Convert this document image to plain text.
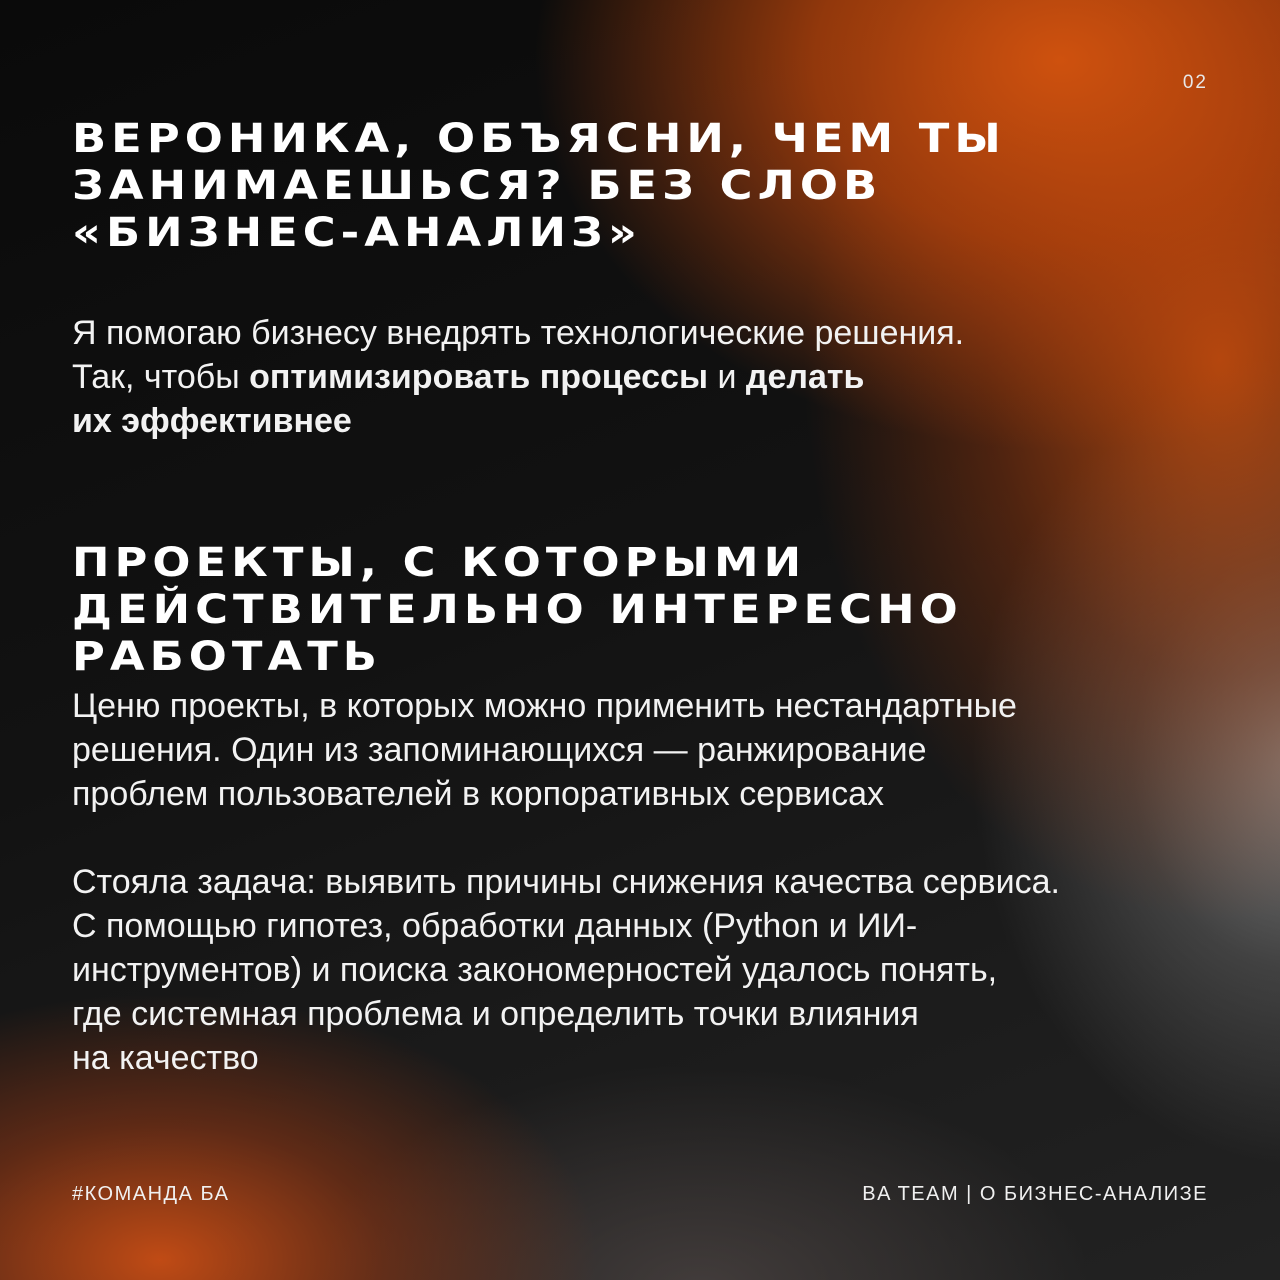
02
ВЕРОНИКА, ОБЪЯСНИ, ЧЕМ ТЫ ЗАНИМАЕШЬСЯ? БЕЗ СЛОВ «БИЗНЕС-АНАЛИЗ»

Я помогаю бизнесу внедрять технологические решения.
Так, чтобы оптимизировать процессы и делать
их эффективнее

ПРОЕКТЫ, С КОТОРЫМИ ДЕЙСТВИТЕЛЬНО ИНТЕРЕСНО РАБОТАТЬ

Ценю проекты, в которых можно применить нестандартные
решения. Один из запоминающихся — ранжирование
проблем пользователей в корпоративных сервисах

Стояла задача: выявить причины снижения качества сервиса.
С помощью гипотез, обработки данных (Python и ИИ-
инструментов) и поиска закономерностей удалось понять,
где системная проблема и определить точки влияния
на качество

#КОМАНДА БА	BA TEAM | О БИЗНЕС-АНАЛИЗЕ
